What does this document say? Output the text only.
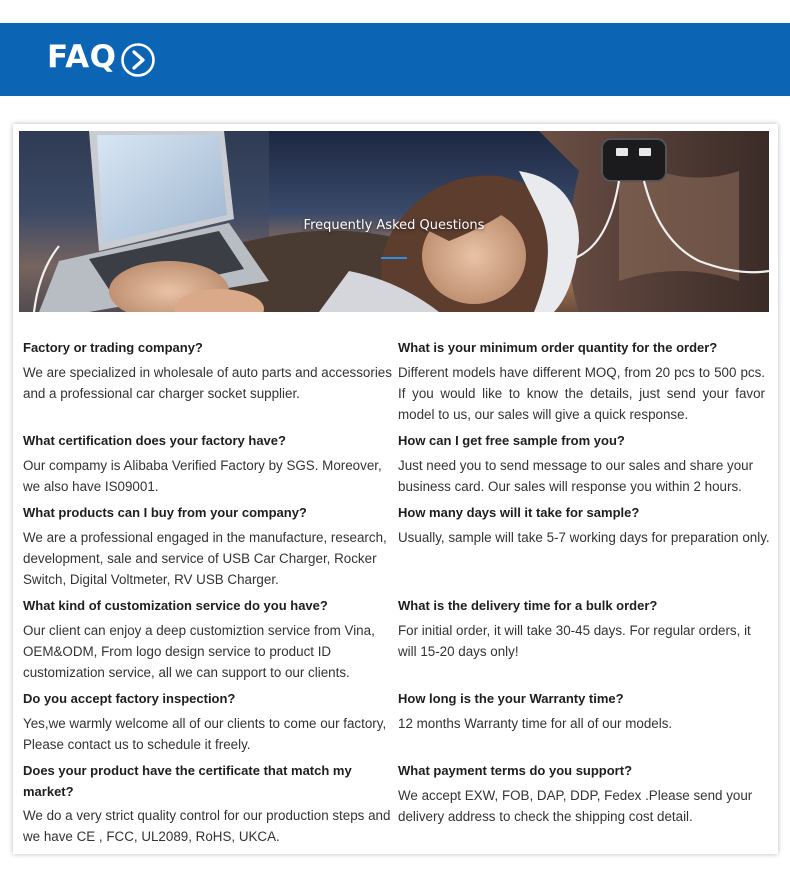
FAQ
Frequently Asked Questions
Factory or trading company?
We are specialized in wholesale of auto parts and accessories and a professional car charger socket supplier.
What certification does your factory have?
Our compamy is Alibaba Verified Factory by SGS. Moreover, we also have IS09001.
What products can I buy from your company?
We are a professional engaged in the manufacture, research, development, sale and service of USB Car Charger, Rocker Switch, Digital Voltmeter, RV USB Charger.
What kind of customization service do you have?
Our client can enjoy a deep customiztion service from Vina, OEM&ODM, From logo design service to product ID customization service, all we can support to our clients.
Do you accept factory inspection?
Yes,we warmly welcome all of our clients to come our factory, Please contact us to schedule it freely.
Does your product have the certificate that match my market?
We do a very strict quality control for our production steps and we have CE , FCC, UL2089, RoHS, UKCA.
What is your minimum order quantity for the order?
Different models have different MOQ, from 20 pcs to 500 pcs. If you would like to know the details, just send your favor model to us, our sales will give a quick response.
How can I get free sample from you?
Just need you to send message to our sales and share your business card. Our sales will response you within 2 hours.
How many days will it take for sample?
Usually, sample will take 5-7 working days for preparation only.
What is the delivery time for a bulk order?
For initial order, it will take 30-45 days. For regular orders, it will 15-20 days only!
How long is the your Warranty time?
12 months Warranty time for all of our models.
What payment terms do you support?
We accept EXW, FOB, DAP, DDP, Fedex .Please send your delivery address to check the shipping cost detail.
